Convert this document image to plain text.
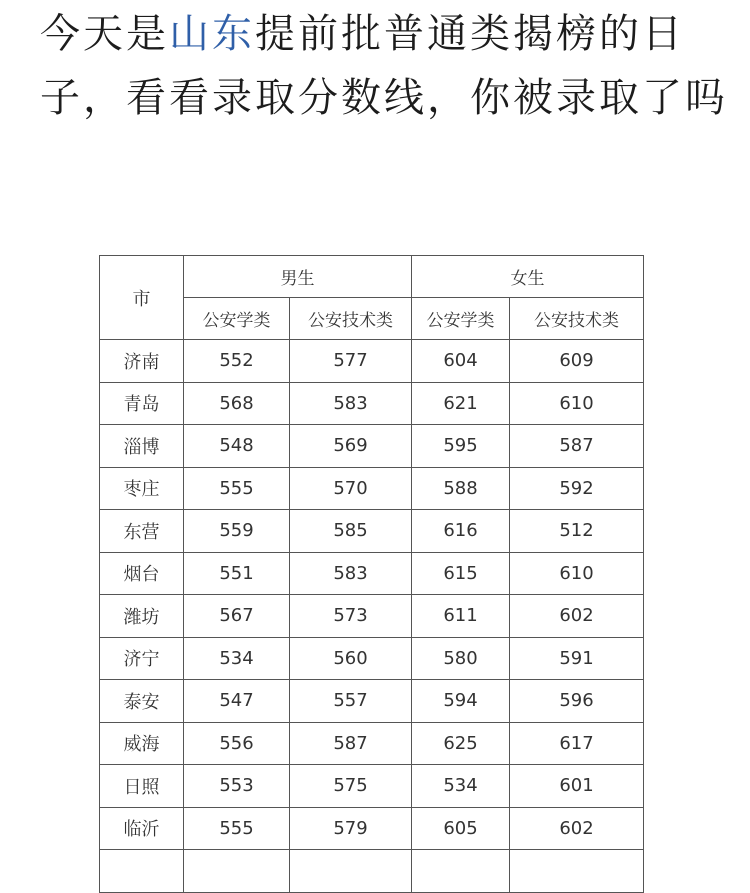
今天是山东提前批普通类揭榜的日子，看看录取分数线，你被录取了吗
市	男生		女生	
	公安学类	公安技术类	公安学类	公安技术类
济南	552	577	604	609
青岛	568	583	621	610
淄博	548	569	595	587
枣庄	555	570	588	592
东营	559	585	616	512
烟台	551	583	615	610
潍坊	567	573	611	602
济宁	534	560	580	591
泰安	547	557	594	596
威海	556	587	625	617
日照	553	575	534	601
临沂	555	579	605	602
